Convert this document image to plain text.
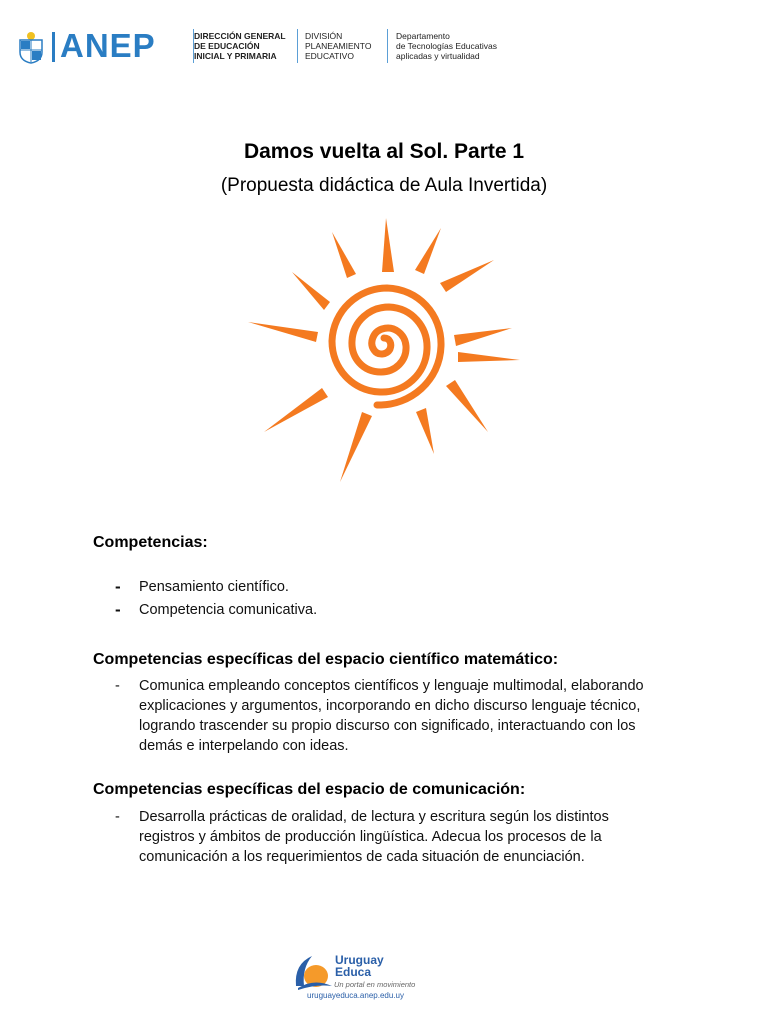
ANEP	DIRECCIÓN GENERAL
DE EDUCACIÓN
INICIAL Y PRIMARIA
DIVISIÓN
PLANEAMIENTO
EDUCATIVO
Departamento
de Tecnologías Educativas
aplicadas y virtualidad
Damos vuelta al Sol. Parte 1
(Propuesta didáctica de Aula Invertida)
Competencias:
- Pensamiento científico.
- Competencia comunicativa.
Competencias específicas del espacio científico matemático:
- Comunica empleando conceptos científicos y lenguaje multimodal, elaborando explicaciones y argumentos, incorporando en dicho discurso lenguaje técnico, logrando trascender su propio discurso con significado, interactuando con los demás e interpelando con ideas.
Competencias específicas del espacio de comunicación:
- Desarrolla prácticas de oralidad, de lectura y escritura según los distintos registros y ámbitos de producción lingüística. Adecua los procesos de la comunicación a los requerimientos de cada situación de enunciación.
Uruguay
Educa
Un portal en movimiento
uruguayeduca.anep.edu.uy
